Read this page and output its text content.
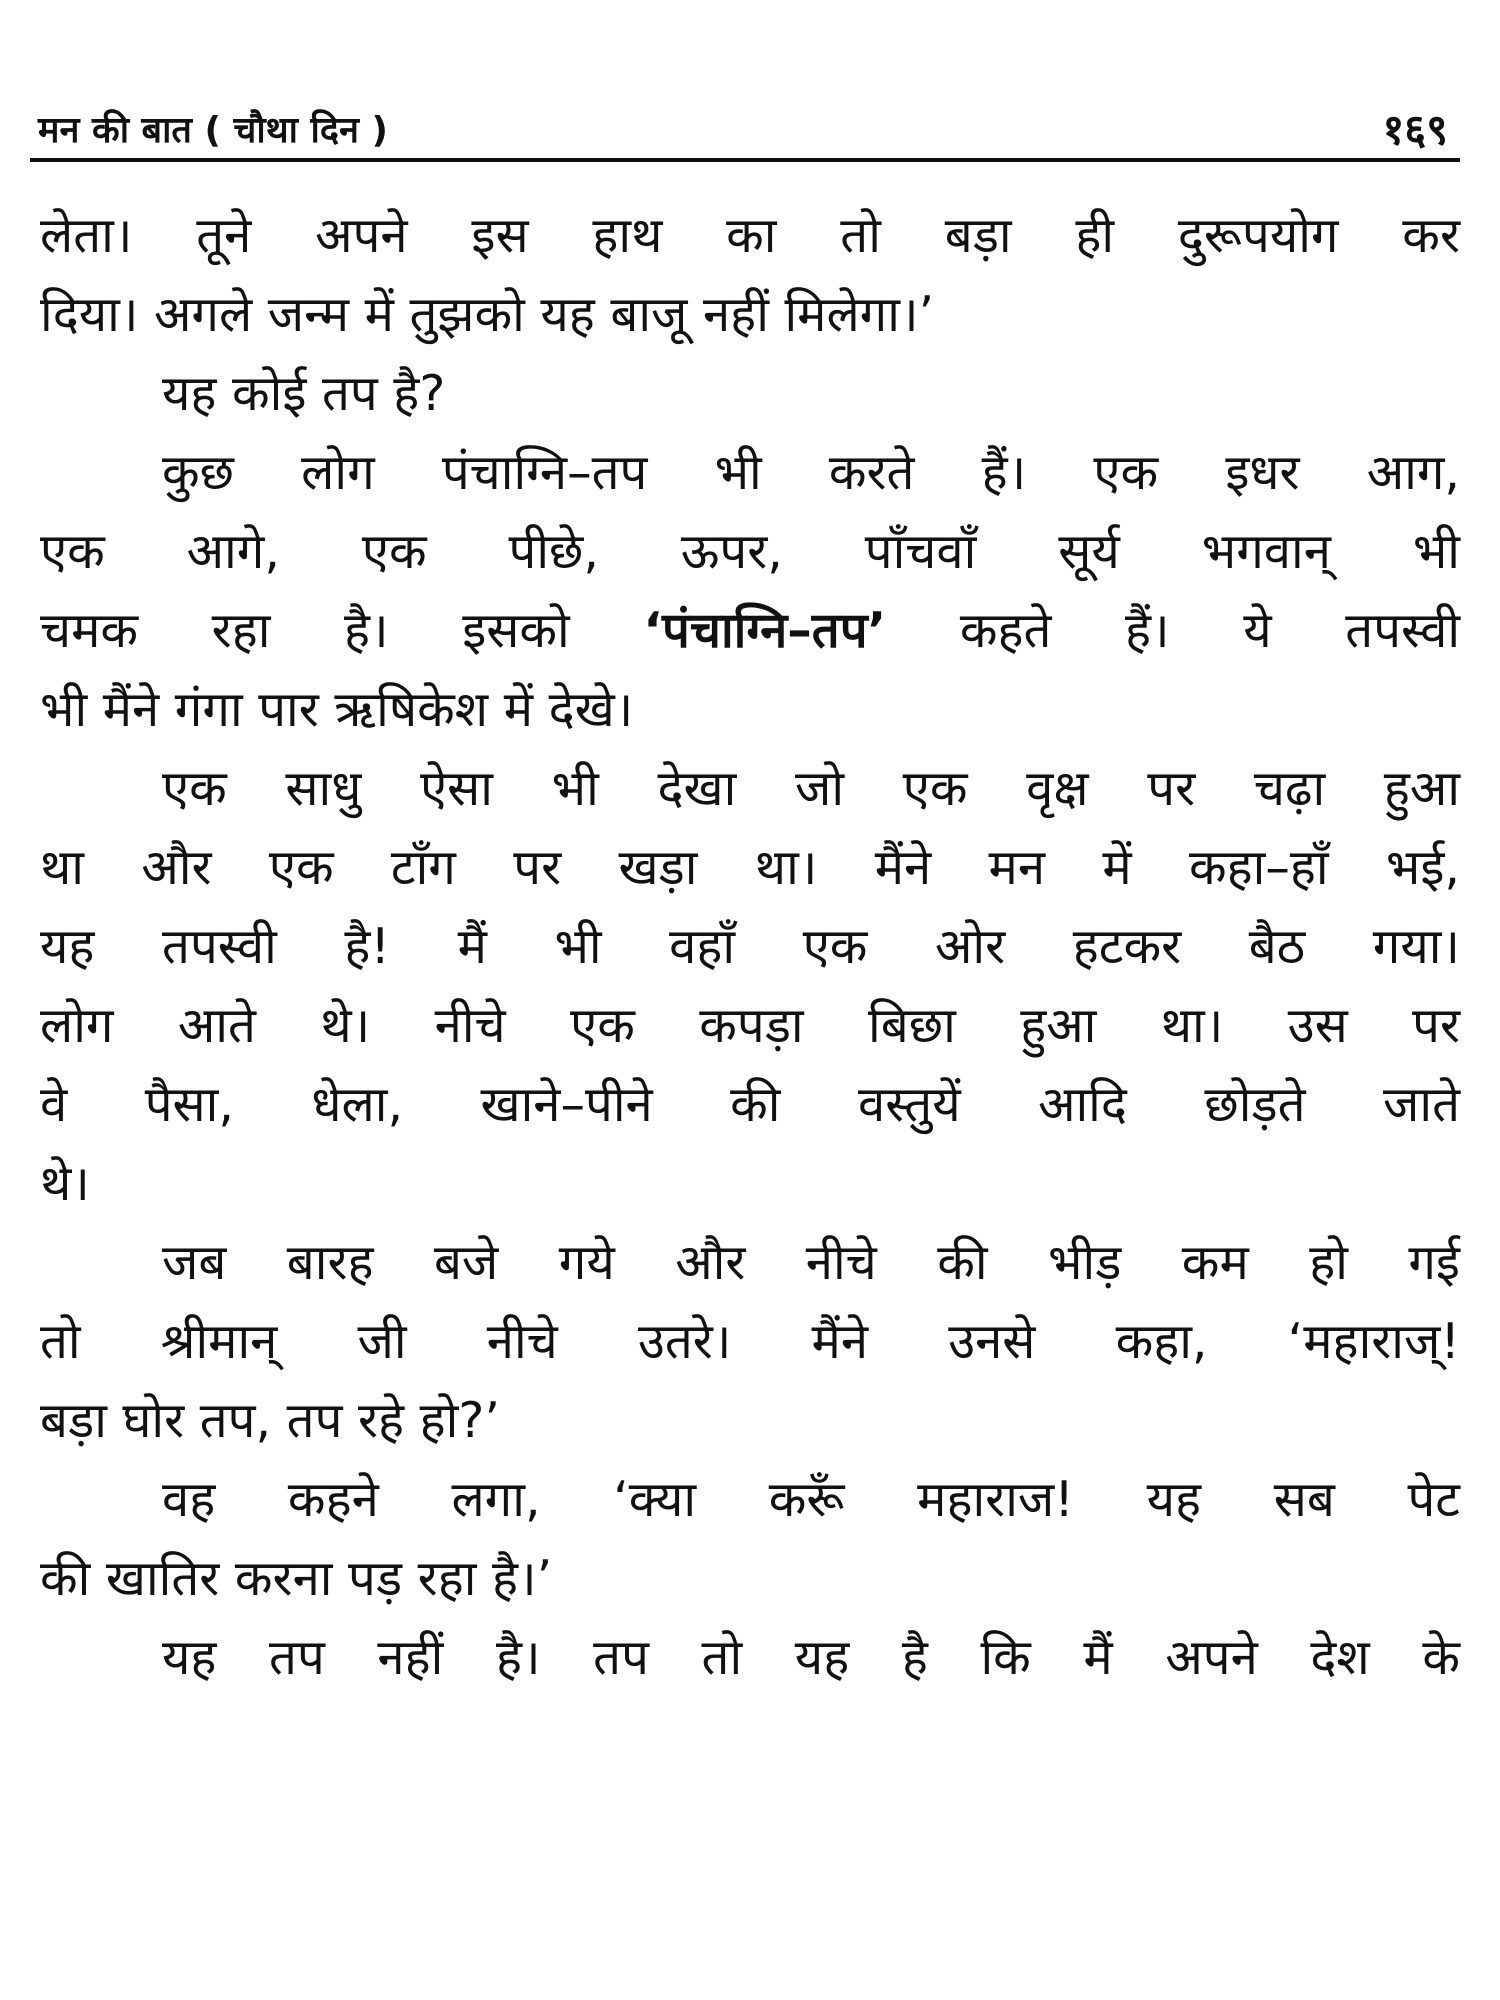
मन की बात ( चौथा दिन )	१६९
लेता। तूने अपने इस हाथ का तो बड़ा ही दुरूपयोग कर
दिया। अगले जन्म में तुझको यह बाजू नहीं मिलेगा।’
यह कोई तप है?
कुछ लोग पंचाग्नि–तप भी करते हैं। एक इधर आग,
एक आगे, एक पीछे, ऊपर, पाँचवाँ सूर्य भगवान् भी
चमक रहा है। इसको ‘पंचाग्नि–तप’ कहते हैं। ये तपस्वी
भी मैंने गंगा पार ऋषिकेश में देखे।
एक साधु ऐसा भी देखा जो एक वृक्ष पर चढ़ा हुआ
था और एक टाँग पर खड़ा था। मैंने मन में कहा–हाँ भई,
यह तपस्वी है! मैं भी वहाँ एक ओर हटकर बैठ गया।
लोग आते थे। नीचे एक कपड़ा बिछा हुआ था। उस पर
वे पैसा, धेला, खाने–पीने की वस्तुयें आदि छोड़ते जाते
थे।
जब बारह बजे गये और नीचे की भीड़ कम हो गई
तो श्रीमान् जी नीचे उतरे। मैंने उनसे कहा, ‘महाराज्!
बड़ा घोर तप, तप रहे हो?’
वह कहने लगा, ‘क्या करूँ महाराज! यह सब पेट
की खातिर करना पड़ रहा है।’
यह तप नहीं है। तप तो यह है कि मैं अपने देश के
